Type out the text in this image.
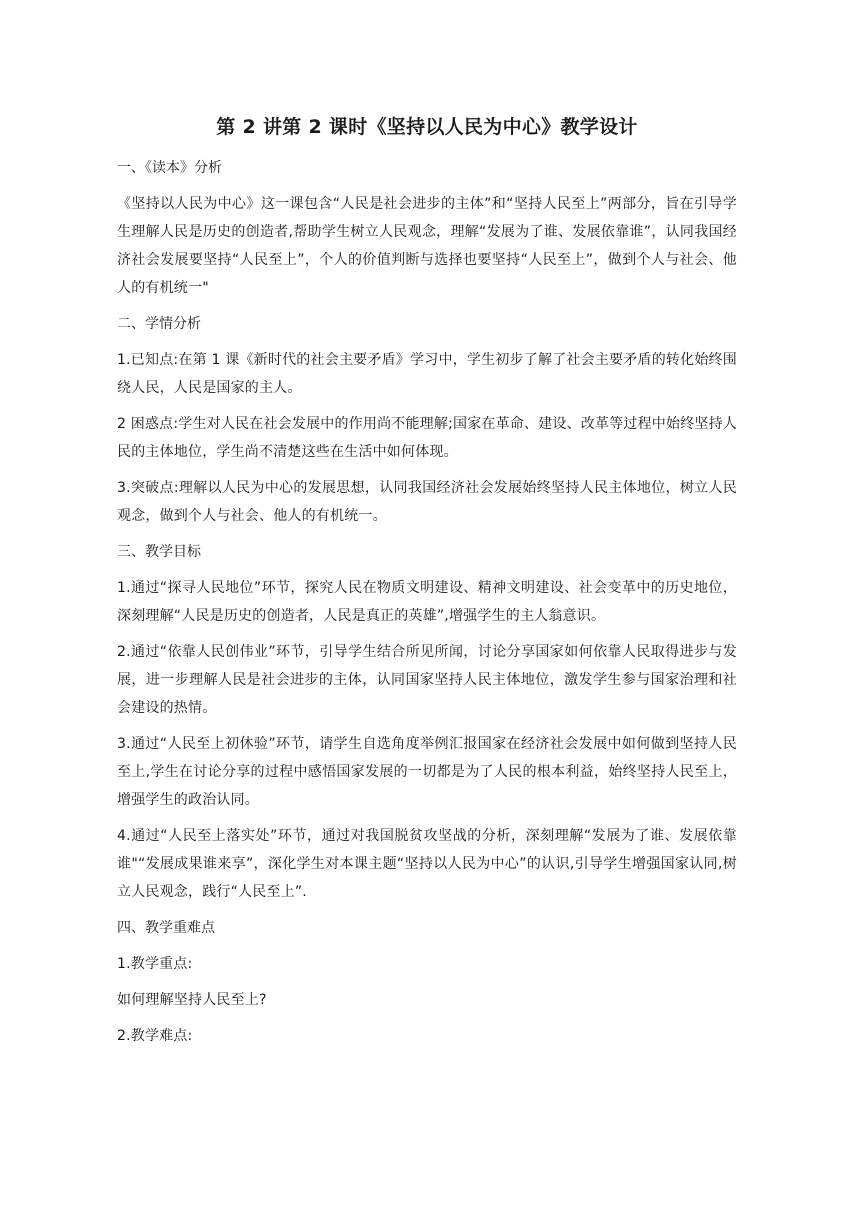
第 2 讲第 2 课时《坚持以人民为中心》教学设计

一、《读本》分析

《坚持以人民为中心》这一课包含“人民是社会进步的主体”和“坚持人民至上”两部分，旨在引导学生理解人民是历史的创造者,帮助学生树立人民观念，理解“发展为了谁、发展依靠谁”，认同我国经济社会发展要坚持“人民至上”，个人的价值判断与选择也要坚持“人民至上”，做到个人与社会、他人的有机统一"

二、学情分析

1.已知点:在第 1 课《新时代的社会主要矛盾》学习中，学生初步了解了社会主要矛盾的转化始终围绕人民，人民是国家的主人。

2 困惑点:学生对人民在社会发展中的作用尚不能理解;国家在革命、建设、改革等过程中始终坚持人民的主体地位，学生尚不清楚这些在生活中如何体现。

3.突破点:理解以人民为中心的发展思想，认同我国经济社会发展始终坚持人民主体地位，树立人民观念，做到个人与社会、他人的有机统一。

三、教学目标

1.通过“探寻人民地位”环节，探究人民在物质文明建设、精神文明建设、社会变革中的历史地位，深刻理解“人民是历史的创造者，人民是真正的英雄”,增强学生的主人翁意识。

2.通过“依靠人民创伟业”环节，引导学生结合所见所闻，讨论分享国家如何依靠人民取得进步与发展，进一步理解人民是社会进步的主体，认同国家坚持人民主体地位，激发学生参与国家治理和社会建设的热情。

3.通过“人民至上初休验”环节，请学生自选角度举例汇报国家在经济社会发展中如何做到坚持人民至上,学生在讨论分享的过程中感悟国家发展的一切都是为了人民的根本利益，始终坚持人民至上，增强学生的政治认同。

4.通过“人民至上落实处”环节，通过对我国脱贫攻坚战的分析，深刻理解“发展为了谁、发展依靠谁"“发展成果谁来享”，深化学生对本课主题“坚持以人民为中心”的认识,引导学生增强国家认同,树立人民观念，践行“人民至上”.

四、教学重难点

1.教学重点:

如何理解坚持人民至上?

2.教学难点:
